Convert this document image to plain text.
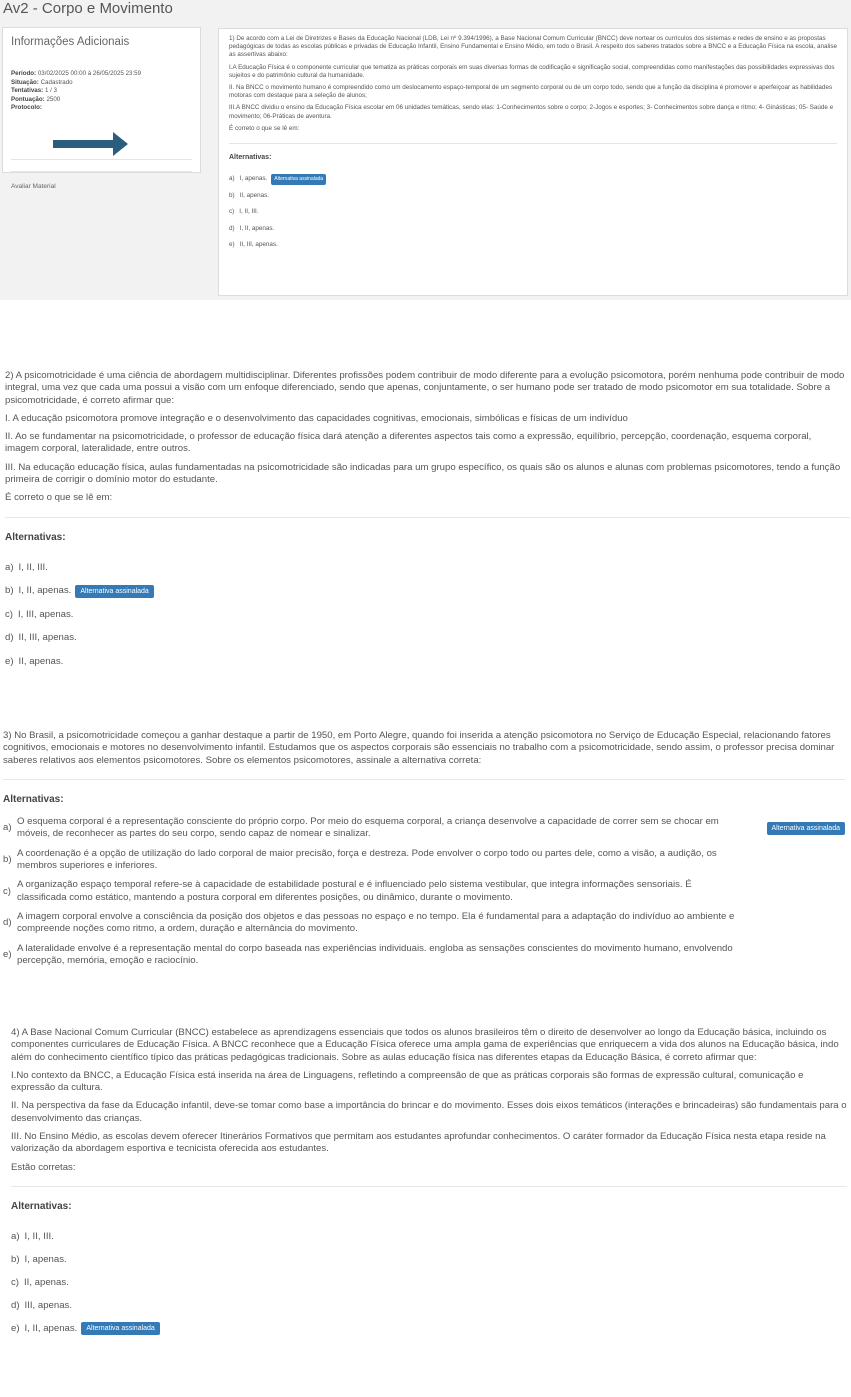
Av2 - Corpo e Movimento
Informações Adicionais
Período: 03/02/2025 00:00 à 26/05/2025 23:59
Situação: Cadastrado
Tentativas: 1 / 3
Pontuação: 2500
Protocolo:
Avaliar Material

1) De acordo com a Lei de Diretrizes e Bases da Educação Nacional (LDB, Lei nº 9.394/1996), a Base Nacional Comum Curricular (BNCC) deve nortear os currículos dos sistemas e redes de ensino e as propostas pedagógicas de todas as escolas públicas e privadas de Educação Infantil, Ensino Fundamental e Ensino Médio, em todo o Brasil. A respeito dos saberes tratados sobre a BNCC e a Educação Física na escola, analise as assertivas abaixo:

I.A Educação Física é o componente curricular que tematiza as práticas corporais em suas diversas formas de codificação e significação social, compreendidas como manifestações das possibilidades expressivas dos sujeitos e do patrimônio cultural da humanidade.

II. Na BNCC o movimento humano é compreendido como um deslocamento espaço-temporal de um segmento corporal ou de um corpo todo, sendo que a função da disciplina é promover e aperfeiçoar as habilidades motoras com destaque para a seleção de alunos;

III.A BNCC dividiu o ensino da Educação Física escolar em 06 unidades temáticas, sendo elas: 1-Conhecimentos sobre o corpo; 2-Jogos e esportes; 3- Conhecimentos sobre dança e ritmo; 4- Ginásticas; 05- Saúde e movimento; 06-Práticas de aventura.

É correto o que se lê em:

Alternativas:
a) I, apenas.	Alternativa assinalada
b) II, apenas.
c) I, II, III.
d) I, II, apenas.
e) II, III, apenas.

2) A psicomotricidade é uma ciência de abordagem multidisciplinar. Diferentes profissões podem contribuir de modo diferente para a evolução psicomotora, porém nenhuma pode contribuir de modo integral, uma vez que cada uma possui a visão com um enfoque diferenciado, sendo que apenas, conjuntamente, o ser humano pode ser tratado de modo psicomotor em sua totalidade. Sobre a psicomotricidade, é correto afirmar que:

I. A educação psicomotora promove integração e o desenvolvimento das capacidades cognitivas, emocionais, simbólicas e físicas de um indivíduo

II. Ao se fundamentar na psicomotricidade, o professor de educação física dará atenção a diferentes aspectos tais como a expressão, equilíbrio, percepção, coordenação, esquema corporal, imagem corporal, lateralidade, entre outros.

III. Na educação educação física, aulas fundamentadas na psicomotricidade são indicadas para um grupo específico, os quais são os alunos e alunas com problemas psicomotores, tendo a função primeira de corrigir o domínio motor do estudante.

É correto o que se lê em:

Alternativas:
a) I, II, III.
b) I, II, apenas.	Alternativa assinalada
c) I, III, apenas.
d) II, III, apenas.
e) II, apenas.

3) No Brasil, a psicomotricidade começou a ganhar destaque a partir de 1950, em Porto Alegre, quando foi inserida a atenção psicomotora no Serviço de Educação Especial, relacionando fatores cognitivos, emocionais e motores no desenvolvimento infantil. Estudamos que os aspectos corporais são essenciais no trabalho com a psicomotricidade, sendo assim, o professor precisa dominar saberes relativos aos elementos psicomotores. Sobre os elementos psicomotores, assinale a alternativa correta:

Alternativas:
a)
O esquema corporal é a representação consciente do próprio corpo. Por meio do esquema corporal, a criança desenvolve a capacidade de correr sem se chocar em móveis, de reconhecer as partes do seu corpo, sendo capaz de nomear e sinalizar.	Alternativa assinalada
b)
A coordenação é a opção de utilização do lado corporal de maior precisão, força e destreza. Pode envolver o corpo todo ou partes dele, como a visão, a audição, os membros superiores e inferiores.
c)
A organização espaço temporal refere-se à capacidade de estabilidade postural e é influenciado pelo sistema vestibular, que integra informações sensoriais. É classificada como estático, mantendo a postura corporal em diferentes posições, ou dinâmico, durante o movimento.
d)
A imagem corporal envolve a consciência da posição dos objetos e das pessoas no espaço e no tempo. Ela é fundamental para a adaptação do indivíduo ao ambiente e compreende noções como ritmo, a ordem, duração e alternância do movimento.
e)
A lateralidade envolve é a representação mental do corpo baseada nas experiências individuais. engloba as sensações conscientes do movimento humano, envolvendo percepção, memória, emoção e raciocínio.

4) A Base Nacional Comum Curricular (BNCC) estabelece as aprendizagens essenciais que todos os alunos brasileiros têm o direito de desenvolver ao longo da Educação básica, incluindo os componentes curriculares de Educação Física. A BNCC reconhece que a Educação Física oferece uma ampla gama de experiências que enriquecem a vida dos alunos na Educação básica, indo além do conhecimento científico típico das práticas pedagógicas tradicionais. Sobre as aulas educação física nas diferentes etapas da Educação Básica, é correto afirmar que:

I.No contexto da BNCC, a Educação Física está inserida na área de Linguagens, refletindo a compreensão de que as práticas corporais são formas de expressão cultural, comunicação e expressão da cultura.

II. Na perspectiva da fase da Educação infantil, deve-se tomar como base a importância do brincar e do movimento. Esses dois eixos temáticos (interações e brincadeiras) são fundamentais para o desenvolvimento das crianças.

III. No Ensino Médio, as escolas devem oferecer Itinerários Formativos que permitam aos estudantes aprofundar conhecimentos. O caráter formador da Educação Física nesta etapa reside na valorização da abordagem esportiva e tecnicista oferecida aos estudantes.

Estão corretas:

Alternativas:
a) I, II, III.
b) I, apenas.
c) II, apenas.
d) III, apenas.
e) I, II, apenas.	Alternativa assinalada
